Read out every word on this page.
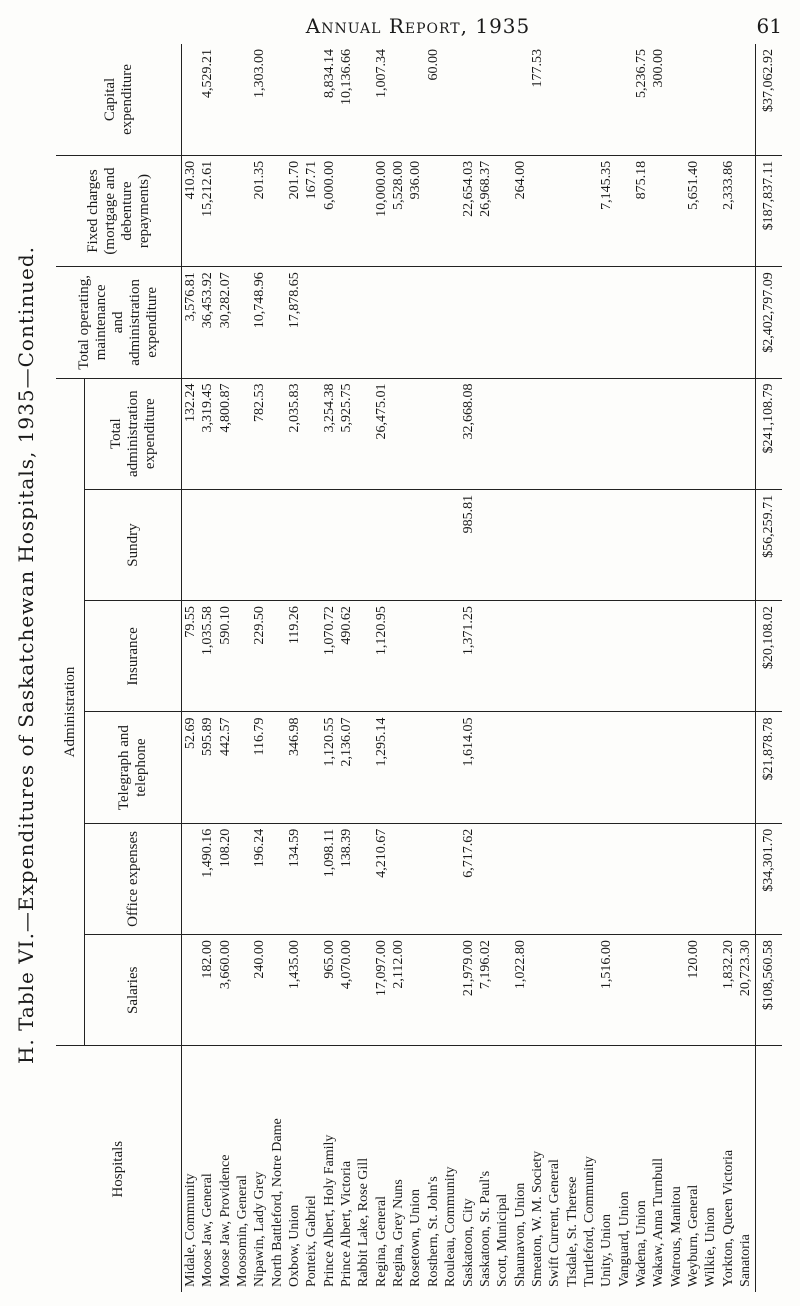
H. Table VI.—Expenditures of Saskatchewan Hospitals, 1935—Continued.
Annual Report, 1935	61
Hospitals	Administration						Total operating, maintenance and administration expenditure	Fixed charges (mortgage and debenture repayments)	Capital expenditure
	Salaries	Office expenses	Telegraph and telephone	Insurance	Sundry	Total administration expenditure			
Midale, Community			52.69	79.55		132.24	3,576.81	410.30	
Moose Jaw, General	182.00	1,490.16	595.89	1,035.58		3,319.45	36,453.92	15,212.61	4,529.21
Moose Jaw, Providence	3,660.00	108.20	442.57	590.10		4,800.87	30,282.07		
Moosomin, General									
Nipawin, Lady Grey	240.00	196.24	116.79	229.50		782.53	10,748.96	201.35	1,303.00
North Battleford, Notre Dame									
Oxbow, Union	1,435.00	134.59	346.98	119.26		2,035.83	17,878.65	201.70	
Ponteix, Gabriel								167.71	
Prince Albert, Holy Family	965.00	1,098.11	1,120.55	1,070.72		3,254.38		6,000.00	8,834.14
Prince Albert, Victoria	4,070.00	138.39	2,136.07	490.62		5,925.75			10,136.66
Rabbit Lake, Rose Gill									
Regina, General	17,097.00	4,210.67	1,295.14	1,120.95		26,475.01		10,000.00	1,007.34
Regina, Grey Nuns	2,112.00							5,528.00	
Rosetown, Union								936.00	
Rosthern, St. John's									60.00
Rouleau, Community									
Saskatoon, City	21,979.00	6,717.62	1,614.05	1,371.25	985.81	32,668.08		22,654.03	
Saskatoon, St. Paul's	7,196.02							26,968.37	
Scott, Municipal									
Shaunavon, Union	1,022.80							264.00	
Smeaton, W. M. Society									177.53
Swift Current, General									
Tisdale, St. Therese									
Turtleford, Community									
Unity, Union	1,516.00							7,145.35	
Vanguard, Union									
Wadena, Union								875.18	5,236.75
Wakaw, Anna Turnbull									300.00
Watrous, Manitou									
Weyburn, General	120.00							5,651.40	
Wilkie, Union									
Yorkton, Queen Victoria	1,832.20							2,333.86	
Sanatoria	20,723.30								
	$108,560.58	$34,301.70	$21,878.78	$20,108.02	$56,259.71	$241,108.79	$2,402,797.09	$187,837.11	$37,062.92
